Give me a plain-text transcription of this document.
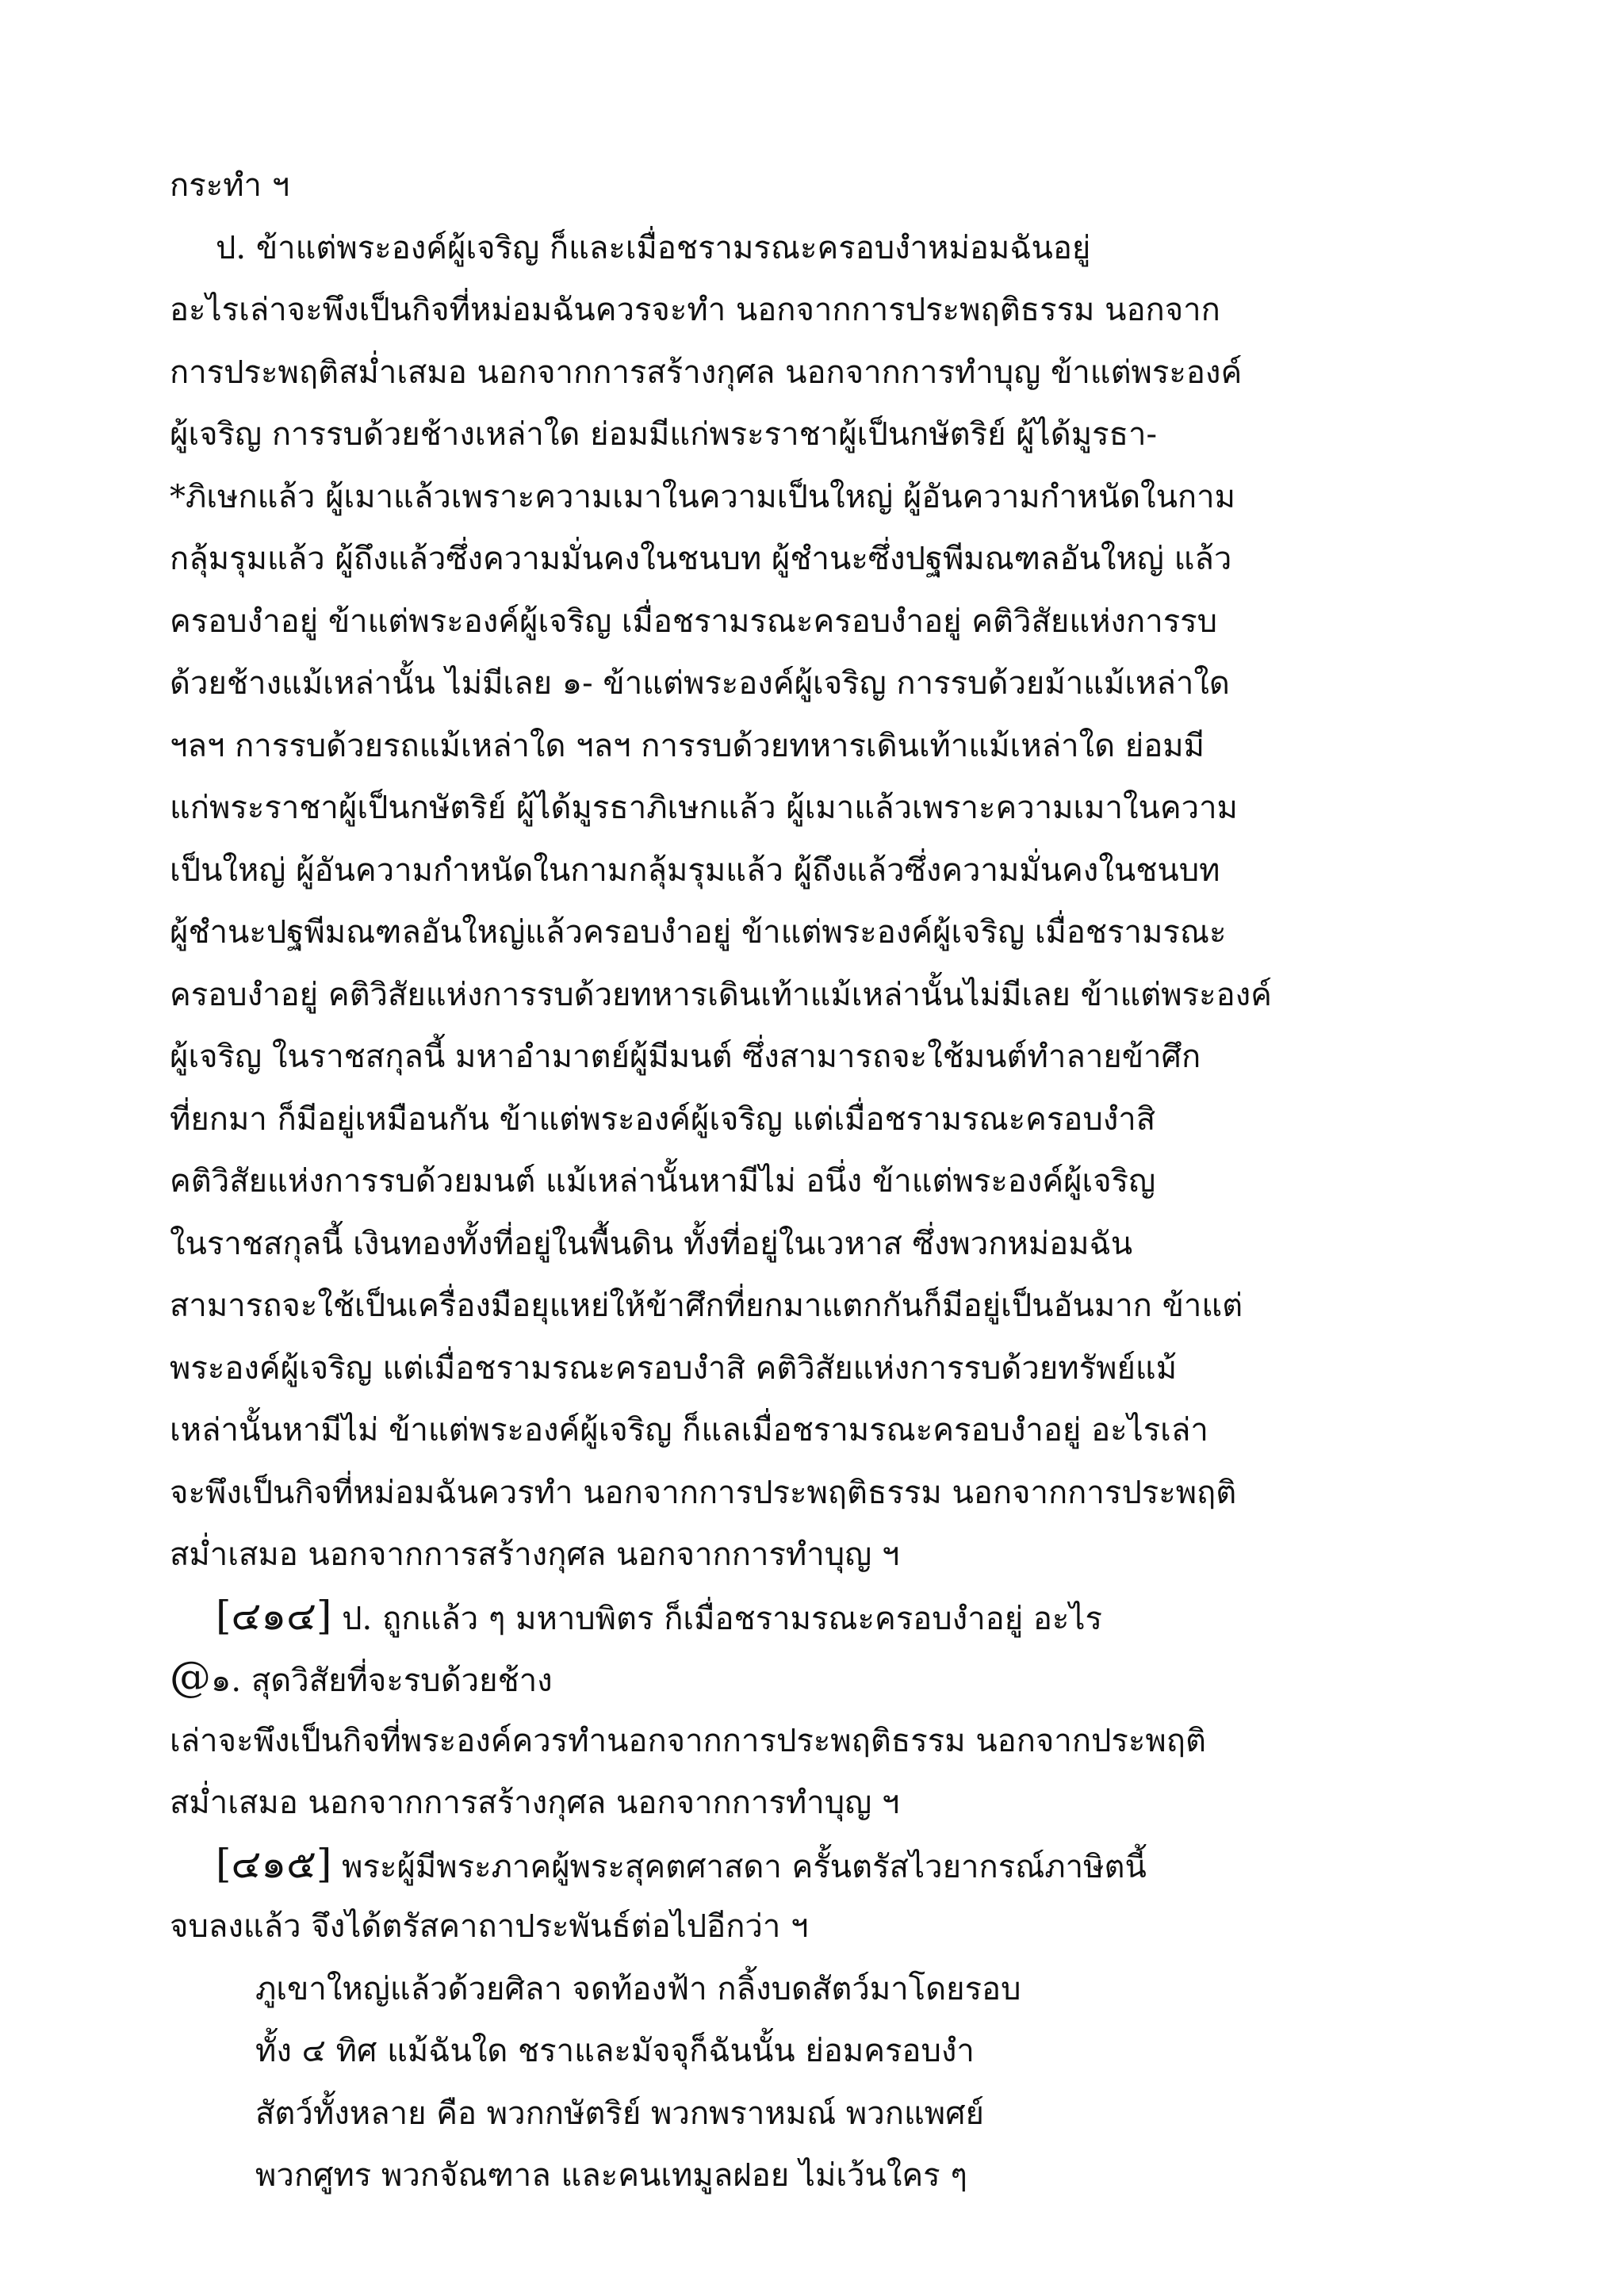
กระทำ ฯ
ป. ข้าแต่พระองค์ผู้เจริญ ก็และเมื่อชรามรณะครอบงำหม่อมฉันอยู่
อะไรเล่าจะพึงเป็นกิจที่หม่อมฉันควรจะทำ นอกจากการประพฤติธรรม นอกจาก
การประพฤติสม่ำเสมอ นอกจากการสร้างกุศล นอกจากการทำบุญ ข้าแต่พระองค์
ผู้เจริญ การรบด้วยช้างเหล่าใด ย่อมมีแก่พระราชาผู้เป็นกษัตริย์ ผู้ได้มูรธา-
*ภิเษกแล้ว ผู้เมาแล้วเพราะความเมาในความเป็นใหญ่ ผู้อันความกำหนัดในกาม
กลุ้มรุมแล้ว ผู้ถึงแล้วซึ่งความมั่นคงในชนบท ผู้ชำนะซึ่งปฐพีมณฑลอันใหญ่ แล้ว
ครอบงำอยู่ ข้าแต่พระองค์ผู้เจริญ เมื่อชรามรณะครอบงำอยู่ คติวิสัยแห่งการรบ
ด้วยช้างแม้เหล่านั้น ไม่มีเลย ๑- ข้าแต่พระองค์ผู้เจริญ การรบด้วยม้าแม้เหล่าใด
ฯลฯ การรบด้วยรถแม้เหล่าใด ฯลฯ การรบด้วยทหารเดินเท้าแม้เหล่าใด ย่อมมี
แก่พระราชาผู้เป็นกษัตริย์ ผู้ได้มูรธาภิเษกแล้ว ผู้เมาแล้วเพราะความเมาในความ
เป็นใหญ่ ผู้อันความกำหนัดในกามกลุ้มรุมแล้ว ผู้ถึงแล้วซึ่งความมั่นคงในชนบท
ผู้ชำนะปฐพีมณฑลอันใหญ่แล้วครอบงำอยู่ ข้าแต่พระองค์ผู้เจริญ เมื่อชรามรณะ
ครอบงำอยู่ คติวิสัยแห่งการรบด้วยทหารเดินเท้าแม้เหล่านั้นไม่มีเลย ข้าแต่พระองค์
ผู้เจริญ ในราชสกุลนี้ มหาอำมาตย์ผู้มีมนต์ ซึ่งสามารถจะใช้มนต์ทำลายข้าศึก
ที่ยกมา ก็มีอยู่เหมือนกัน ข้าแต่พระองค์ผู้เจริญ แต่เมื่อชรามรณะครอบงำสิ
คติวิสัยแห่งการรบด้วยมนต์ แม้เหล่านั้นหามีไม่ อนึ่ง ข้าแต่พระองค์ผู้เจริญ
ในราชสกุลนี้ เงินทองทั้งที่อยู่ในพื้นดิน ทั้งที่อยู่ในเวหาส ซึ่งพวกหม่อมฉัน
สามารถจะใช้เป็นเครื่องมือยุแหย่ให้ข้าศึกที่ยกมาแตกกันก็มีอยู่เป็นอันมาก ข้าแต่
พระองค์ผู้เจริญ แต่เมื่อชรามรณะครอบงำสิ คติวิสัยแห่งการรบด้วยทรัพย์แม้
เหล่านั้นหามีไม่ ข้าแต่พระองค์ผู้เจริญ ก็แลเมื่อชรามรณะครอบงำอยู่ อะไรเล่า
จะพึงเป็นกิจที่หม่อมฉันควรทำ นอกจากการประพฤติธรรม นอกจากการประพฤติ
สม่ำเสมอ นอกจากการสร้างกุศล นอกจากการทำบุญ ฯ
[๔๑๔] ป. ถูกแล้ว ๆ มหาบพิตร ก็เมื่อชรามรณะครอบงำอยู่ อะไร
@๑. สุดวิสัยที่จะรบด้วยช้าง
เล่าจะพึงเป็นกิจที่พระองค์ควรทำนอกจากการประพฤติธรรม นอกจากประพฤติ
สม่ำเสมอ นอกจากการสร้างกุศล นอกจากการทำบุญ ฯ
[๔๑๕] พระผู้มีพระภาคผู้พระสุคตศาสดา ครั้นตรัสไวยากรณ์ภาษิตนี้
จบลงแล้ว จึงได้ตรัสคาถาประพันธ์ต่อไปอีกว่า ฯ
ภูเขาใหญ่แล้วด้วยศิลา จดท้องฟ้า กลิ้งบดสัตว์มาโดยรอบ
ทั้ง ๔ ทิศ แม้ฉันใด ชราและมัจจุก็ฉันนั้น ย่อมครอบงำ
สัตว์ทั้งหลาย คือ พวกกษัตริย์ พวกพราหมณ์ พวกแพศย์
พวกศูทร พวกจัณฑาล และคนเทมูลฝอย ไม่เว้นใคร ๆ
